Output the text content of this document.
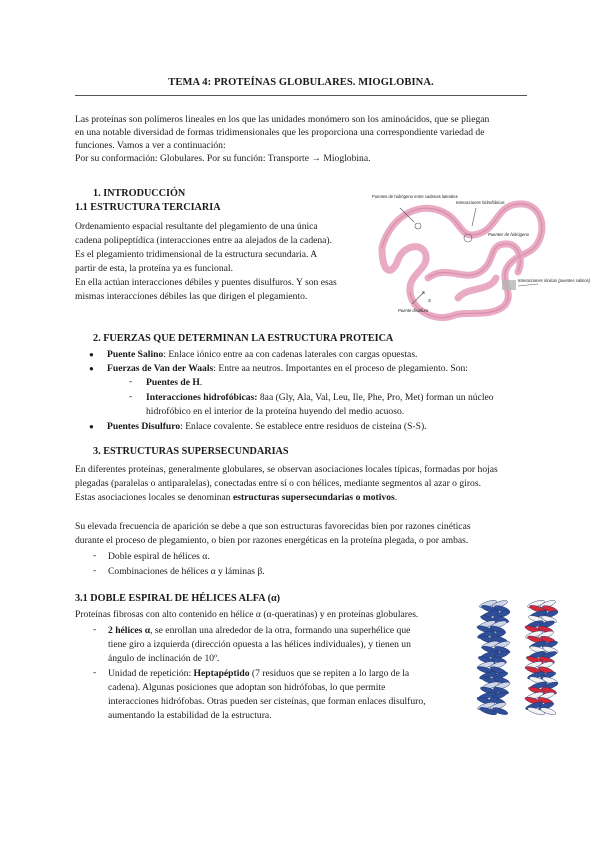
TEMA 4: PROTEÍNAS GLOBULARES. MIOGLOBINA.
Las proteínas son polímeros lineales en los que las unidades monómero son los aminoácidos, que se pliegan
en una notable diversidad de formas tridimensionales que les proporciona una correspondiente variedad de
funciones. Vamos a ver a continuación:
Por su conformación: Globulares. Por su función: Transporte → Mioglobina.
1. INTRODUCCIÓN
1.1 ESTRUCTURA TERCIARIA
Ordenamiento espacial resultante del plegamiento de una única
cadena polipeptídica (interacciones entre aa alejados de la cadena).
Es el plegamiento tridimensional de la estructura secundaria. A
partir de esta, la proteína ya es funcional.
En ella actúan interacciones débiles y puentes disulfuros. Y son esas
mismas interacciones débiles las que dirigen el plegamiento.
Puentes de hidrógeno entre cadenas laterales
Interacciones hidrofóbicas
Interacciones iónicas (puentes salinos)
Puentes de hidrógeno
Puente disulfuro
S
S
2. FUERZAS QUE DETERMINAN LA ESTRUCTURA PROTEICA
● Puente Salino: Enlace iónico entre aa con cadenas laterales con cargas opuestas.
● Fuerzas de Van der Waals: Entre aa neutros. Importantes en el proceso de plegamiento. Son:
- Puentes de H.
- Interacciones hidrofóbicas: 8aa (Gly, Ala, Val, Leu, Ile, Phe, Pro, Met) forman un núcleo
hidrofóbico en el interior de la proteína huyendo del medio acuoso.
● Puentes Disulfuro: Enlace covalente. Se establece entre residuos de cisteína (S-S).
3. ESTRUCTURAS SUPERSECUNDARIAS
En diferentes proteínas, generalmente globulares, se observan asociaciones locales típicas, formadas por hojas
plegadas (paralelas o antiparalelas), conectadas entre sí o con hélices, mediante segmentos al azar o giros.
Estas asociaciones locales se denominan estructuras supersecundarias o motivos.
Su elevada frecuencia de aparición se debe a que son estructuras favorecidas bien por razones cinéticas
durante el proceso de plegamiento, o bien por razones energéticas en la proteína plegada, o por ambas.
- Doble espiral de hélices α.
- Combinaciones de hélices α y láminas β.
3.1 DOBLE ESPIRAL DE HÉLICES ALFA (α)
Proteínas fibrosas con alto contenido en hélice α (α-queratinas) y en proteínas globulares.
- 2 hélices α, se enrollan una alrededor de la otra, formando una superhélice que
tiene giro a izquierda (dirección opuesta a las hélices individuales), y tienen un
ángulo de inclinación de 10º.
- Unidad de repetición: Heptapéptido (7 residuos que se repiten a lo largo de la
cadena). Algunas posiciones que adoptan son hidrófobas, lo que permite
interacciones hidrófobas. Otras pueden ser cisteínas, que forman enlaces disulfuro,
aumentando la estabilidad de la estructura.
